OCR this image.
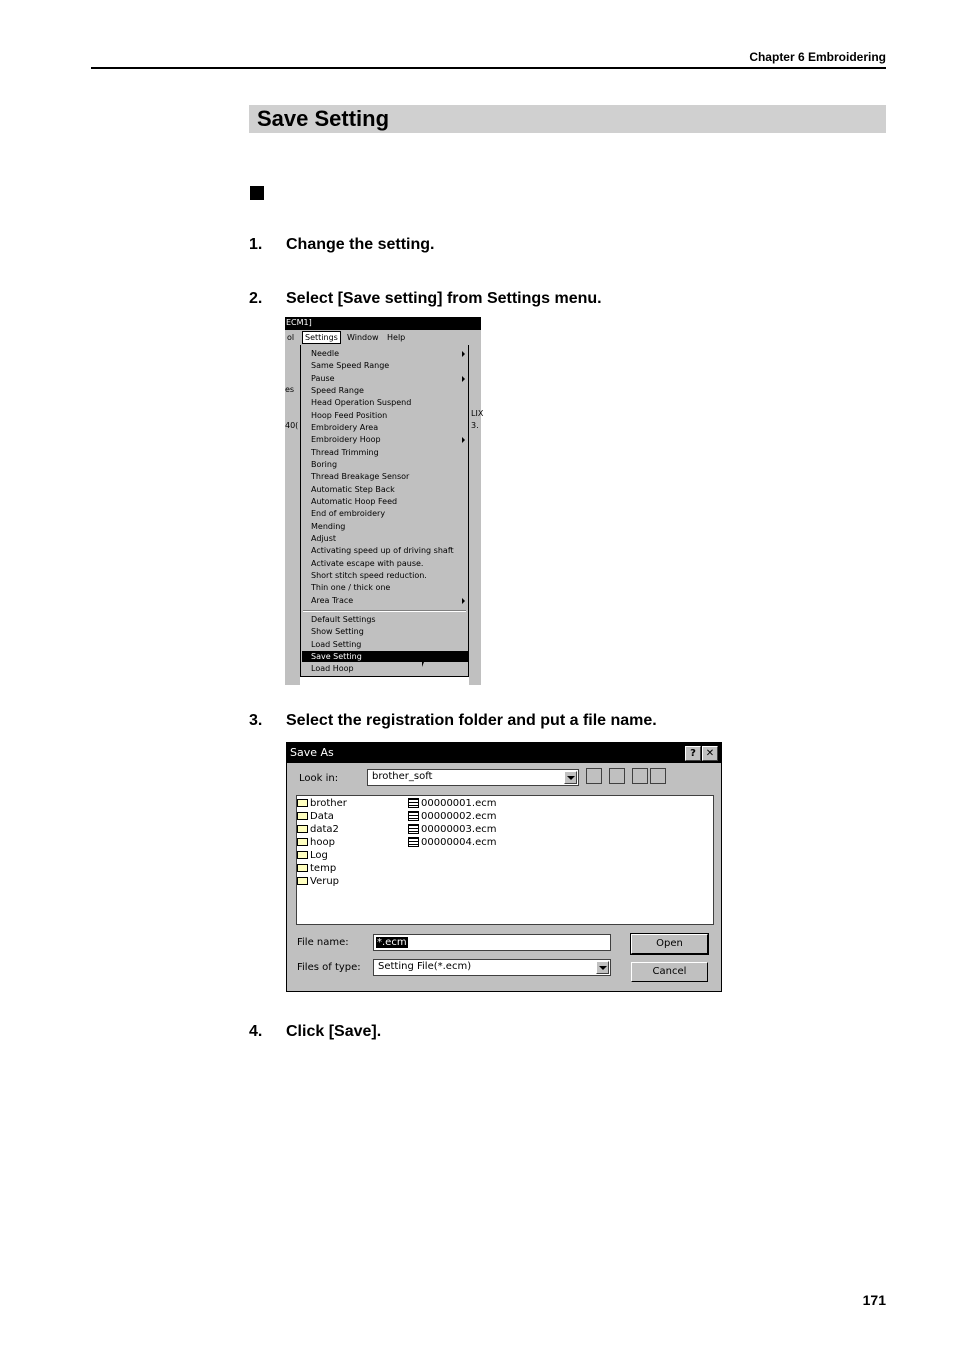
Chapter 6 Embroidering
Save Setting
1. Change the setting.
2. Select [Save setting] from Settings menu.
ECM1]
ol	Settings	Window Help
es
40(
LIX
3.
Needle
Same Speed Range
Pause
Speed Range
Head Operation Suspend
Hoop Feed Position
Embroidery Area
Embroidery Hoop
Thread Trimming
Boring
Thread Breakage Sensor
Automatic Step Back
Automatic Hoop Feed
End of embroidery
Mending
Adjust
Activating speed up of driving shaft
Activate escape with pause.
Short stitch speed reduction.
Thin one / thick one
Area Trace
Default Settings
Show Setting
Load Setting
Save Setting
Load Hoop
3. Select the registration folder and put a file name.
Save As	? ✕
Look in:	brother_soft
brother
Data
data2
hoop
Log
temp
Verup
00000001.ecm
00000002.ecm
00000003.ecm
00000004.ecm
File name:	*.ecm
Files of type: Setting File(*.ecm)
Open
Cancel
4. Click [Save].
171
